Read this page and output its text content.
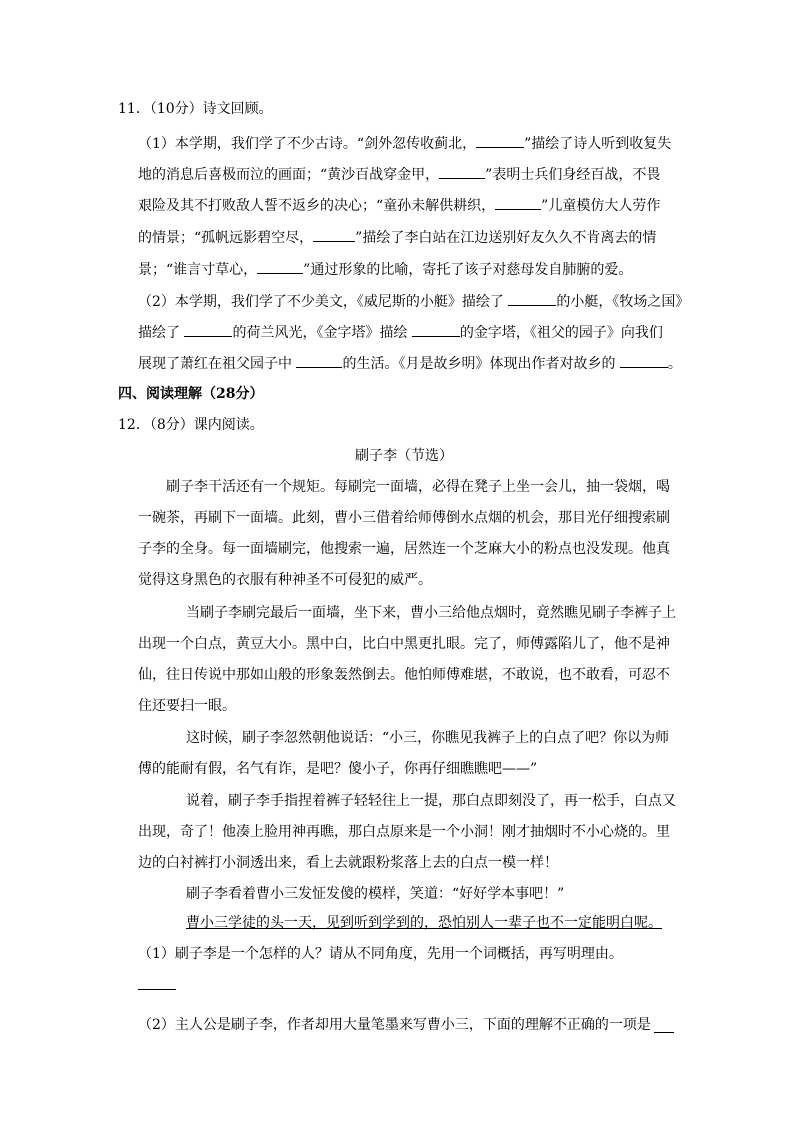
11．（10分）诗文回顾。
（1）本学期，我们学了不少古诗。“剑外忽传收蓟北，	”描绘了诗人听到收复失
地的消息后喜极而泣的画面；“黄沙百战穿金甲，	”表明士兵们身经百战，不畏
艰险及其不打败敌人誓不返乡的决心；“童孙未解供耕织，	”儿童模仿大人劳作
的情景；“孤帆远影碧空尽，	”描绘了李白站在江边送别好友久久不肯离去的情
景；“谁言寸草心，	”通过形象的比喻，寄托了该子对慈母发自肺腑的爱。
（2）本学期，我们学了不少美文，《威尼斯的小艇》描绘了	的小艇，《牧场之国》
描绘了	的荷兰风光，《金字塔》描绘	的金字塔，《祖父的园子》向我们
展现了萧红在祖父园子中	的生活。《月是故乡明》体现出作者对故乡的	。
四、阅读理解（28分）
12．（8分）课内阅读。
刷子李（节选）
刷子李干活还有一个规矩。每刷完一面墙，必得在凳子上坐一会儿，抽一袋烟，喝
一碗茶，再刷下一面墙。此刻，曹小三借着给师傅倒水点烟的机会，那目光仔细搜索刷
子李的全身。每一面墙刷完，他搜索一遍，居然连一个芝麻大小的粉点也没发现。他真
觉得这身黑色的衣服有种神圣不可侵犯的威严。
当刷子李刷完最后一面墙，坐下来，曹小三给他点烟时，竟然瞧见刷子李裤子上
出现一个白点，黄豆大小。黑中白，比白中黑更扎眼。完了，师傅露陷儿了，他不是神
仙，往日传说中那如山般的形象轰然倒去。他怕师傅难堪，不敢说，也不敢看，可忍不
住还要扫一眼。
这时候，刷子李忽然朝他说话：“小三，你瞧见我裤子上的白点了吧？你以为师
傅的能耐有假，名气有诈，是吧？傻小子，你再仔细瞧瞧吧——”
说着，刷子李手指捏着裤子轻轻往上一提，那白点即刻没了，再一松手，白点又
出现，奇了！他凑上脸用神再瞧，那白点原来是一个小洞！刚才抽烟时不小心烧的。里
边的白衬裤打小洞透出来，看上去就跟粉浆落上去的白点一模一样！
刷子李看着曹小三发怔发傻的模样，笑道：“好好学本事吧！”
曹小三学徒的头一天，见到听到学到的，恐怕别人一辈子也不一定能明白呢。
（1）刷子李是一个怎样的人？请从不同角度，先用一个词概括，再写明理由。
（2）主人公是刷子李，作者却用大量笔墨来写曹小三，下面的理解不正确的一项是
